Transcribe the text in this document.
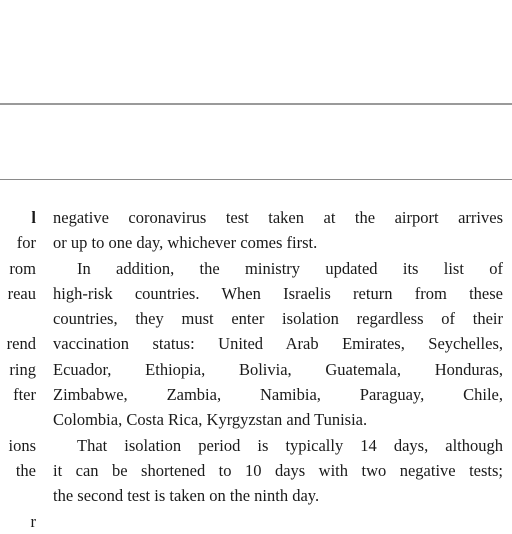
l
for
rom
reau
rend
ring
fter
ions
the
r
negative coronavirus test taken at the airport arrives
or up to one day, whichever comes first.
In addition, the ministry updated its list of
high-risk countries. When Israelis return from these
countries, they must enter isolation regardless of their
vaccination status: United Arab Emirates, Seychelles,
Ecuador, Ethiopia, Bolivia, Guatemala, Honduras,
Zimbabwe, Zambia, Namibia, Paraguay, Chile,
Colombia, Costa Rica, Kyrgyzstan and Tunisia.
That isolation period is typically 14 days, although
it can be shortened to 10 days with two negative tests;
the second test is taken on the ninth day.
